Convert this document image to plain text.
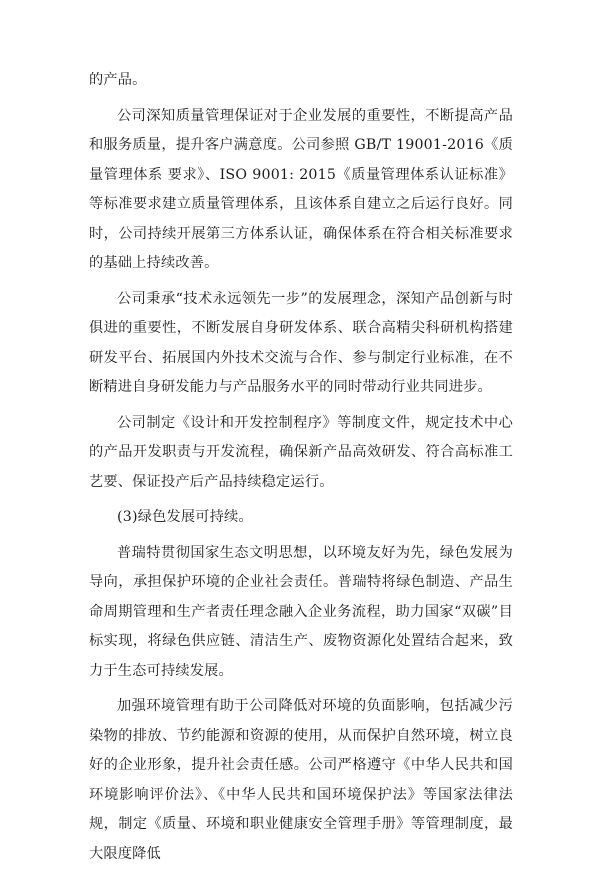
的产品。

公司深知质量管理保证对于企业发展的重要性，不断提高产品和服务质量，提升客户满意度。公司参照 GB/T 19001-2016《质量管理体系 要求》、ISO 9001: 2015《质量管理体系认证标准》等标准要求建立质量管理体系，且该体系自建立之后运行良好。同时，公司持续开展第三方体系认证，确保体系在符合相关标准要求的基础上持续改善。

公司秉承“技术永远领先一步”的发展理念，深知产品创新与时俱进的重要性，不断发展自身研发体系、联合高精尖科研机构搭建研发平台、拓展国内外技术交流与合作、参与制定行业标准，在不断精进自身研发能力与产品服务水平的同时带动行业共同进步。

公司制定《设计和开发控制程序》等制度文件，规定技术中心的产品开发职责与开发流程，确保新产品高效研发、符合高标准工艺要、保证投产后产品持续稳定运行。

(3)绿色发展可持续。

普瑞特贯彻国家生态文明思想，以环境友好为先，绿色发展为导向，承担保护环境的企业社会责任。普瑞特将绿色制造、产品生命周期管理和生产者责任理念融入企业务流程，助力国家“双碳”目标实现，将绿色供应链、清洁生产、废物资源化处置结合起来，致力于生态可持续发展。

加强环境管理有助于公司降低对环境的负面影响，包括减少污染物的排放、节约能源和资源的使用，从而保护自然环境，树立良好的企业形象，提升社会责任感。公司严格遵守《中华人民共和国环境影响评价法》、《中华人民共和国环境保护法》等国家法律法规，制定《质量、环境和职业健康安全管理手册》等管理制度，最大限度降低
